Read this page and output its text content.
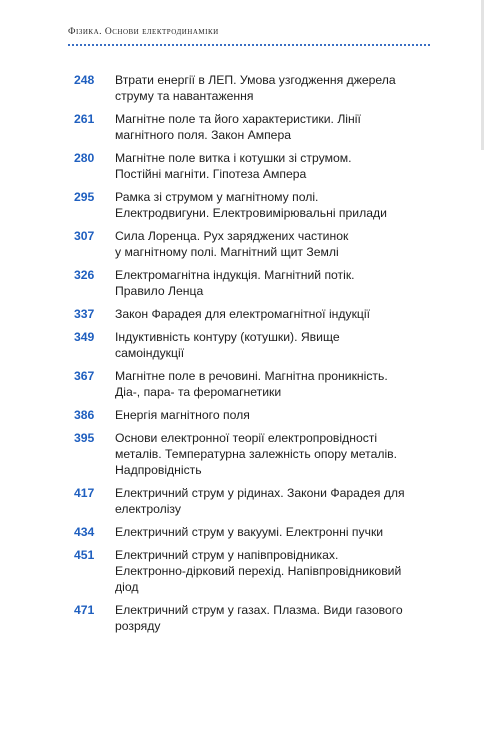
Фізика. Основи електродинаміки
248	Втрати енергії в ЛЕП. Умова узгодження джерела
струму та навантаження
261	Магнітне поле та його характеристики. Лінії
магнітного поля. Закон Ампера
280	Магнітне поле витка і котушки зі струмом.
Постійні магніти. Гіпотеза Ампера
295	Рамка зі струмом у магнітному полі.
Електродвигуни. Електровимірювальні прилади
307	Сила Лоренца. Рух заряджених частинок
у магнітному полі. Магнітний щит Землі
326	Електромагнітна індукція. Магнітний потік.
Правило Ленца
337	Закон Фарадея для електромагнітної індукції
349	Індуктивність контуру (котушки). Явище
самоіндукції
367	Магнітне поле в речовині. Магнітна проникність.
Діа-, пара- та феромагнетики
386	Енергія магнітного поля
395	Основи електронної теорії електропровідності
металів. Температурна залежність опору металів.
Надпровідність
417	Електричний струм у рідинах. Закони Фарадея для
електролізу
434	Електричний струм у вакуумі. Електронні пучки
451	Електричний струм у напівпровідниках.
Електронно-дірковий перехід. Напівпровідниковий
діод
471	Електричний струм у газах. Плазма. Види газового
розряду
